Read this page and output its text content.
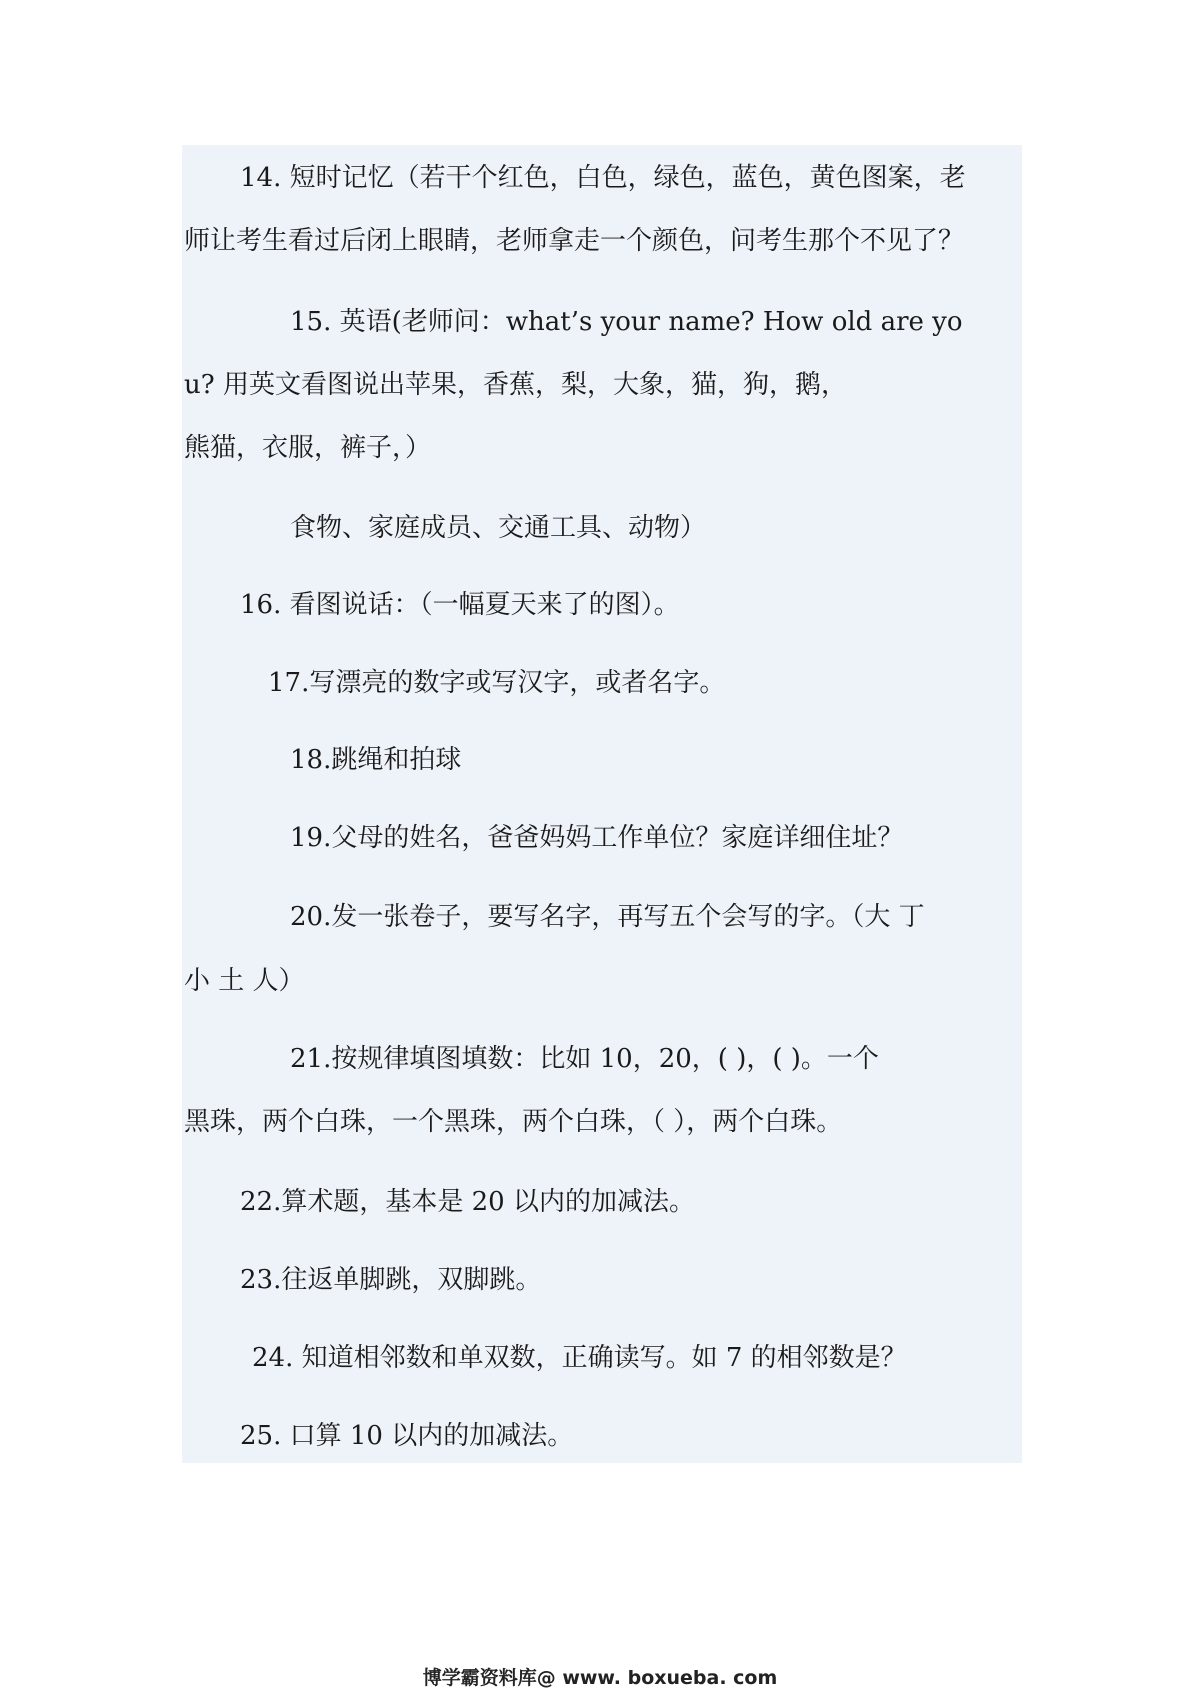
14. 短时记忆（若干个红色，白色，绿色，蓝色，黄色图案，老
师让考生看过后闭上眼睛，老师拿走一个颜色，问考生那个不见了？
15. 英语(老师问：what’s your name? How old are yo
u? 用英文看图说出苹果，香蕉，梨，大象，猫，狗，鹅，
熊猫，衣服，裤子，）
食物、家庭成员、交通工具、动物）
16. 看图说话：（一幅夏天来了的图）。
17.写漂亮的数字或写汉字，或者名字。
18.跳绳和拍球
19.父母的姓名，爸爸妈妈工作单位？家庭详细住址？
20.发一张卷子，要写名字，再写五个会写的字。（大 丁
小 土 人）
21.按规律填图填数：比如 10，20，( )，( )。一个
黑珠，两个白珠，一个黑珠，两个白珠，（ ），两个白珠。
22.算术题，基本是 20 以内的加减法。
23.往返单脚跳，双脚跳。
24. 知道相邻数和单双数，正确读写。如 7 的相邻数是？
25. 口算 10 以内的加减法。
博学霸资料库@ www. boxueba. com
